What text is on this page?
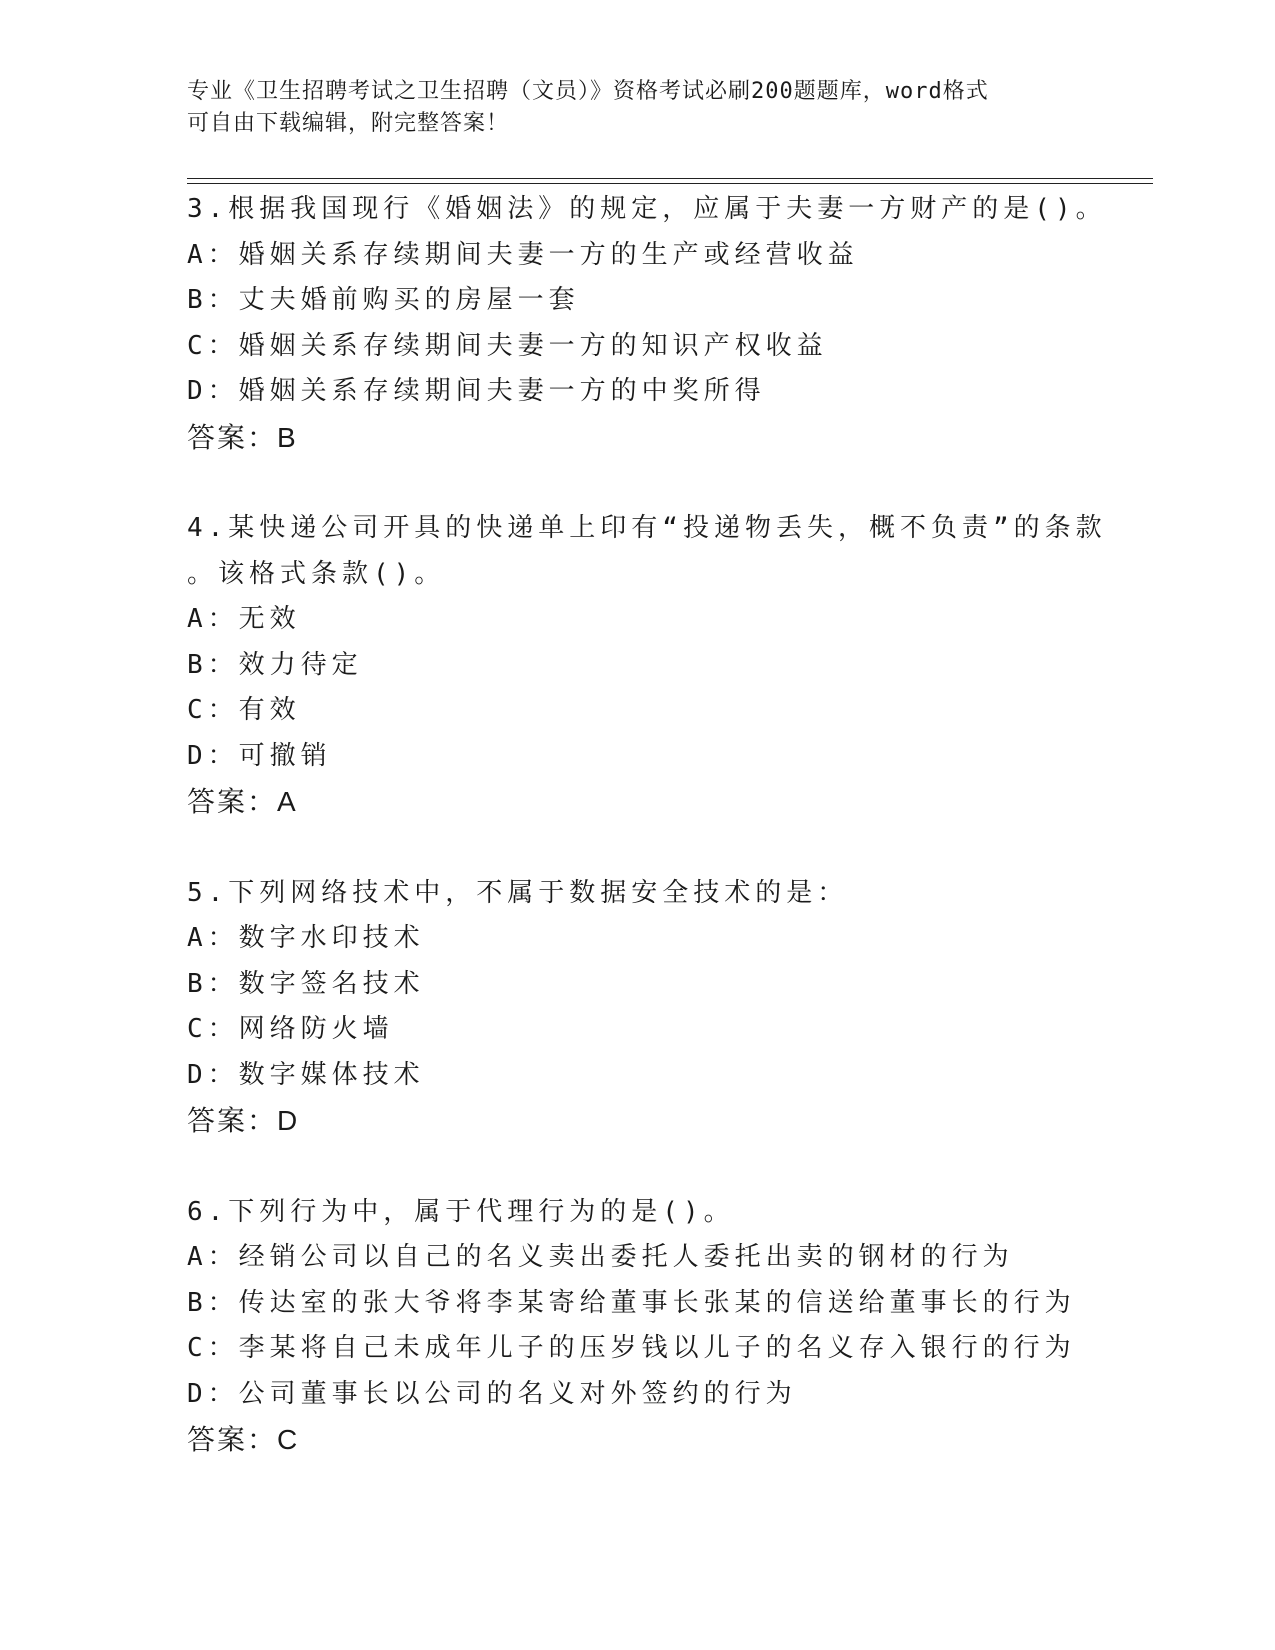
专业《卫生招聘考试之卫生招聘（文员）》资格考试必刷200题题库，word格式
可自由下载编辑，附完整答案！
3.根据我国现行《婚姻法》的规定，应属于夫妻一方财产的是()。
A：婚姻关系存续期间夫妻一方的生产或经营收益
B：丈夫婚前购买的房屋一套
C：婚姻关系存续期间夫妻一方的知识产权收益
D：婚姻关系存续期间夫妻一方的中奖所得
答案：B
4.某快递公司开具的快递单上印有“投递物丢失，概不负责”的条款
。该格式条款()。
A：无效
B：效力待定
C：有效
D：可撤销
答案：A
5.下列网络技术中，不属于数据安全技术的是：
A：数字水印技术
B：数字签名技术
C：网络防火墙
D：数字媒体技术
答案：D
6.下列行为中，属于代理行为的是()。
A：经销公司以自己的名义卖出委托人委托出卖的钢材的行为
B：传达室的张大爷将李某寄给董事长张某的信送给董事长的行为
C：李某将自己未成年儿子的压岁钱以儿子的名义存入银行的行为
D：公司董事长以公司的名义对外签约的行为
答案：C
